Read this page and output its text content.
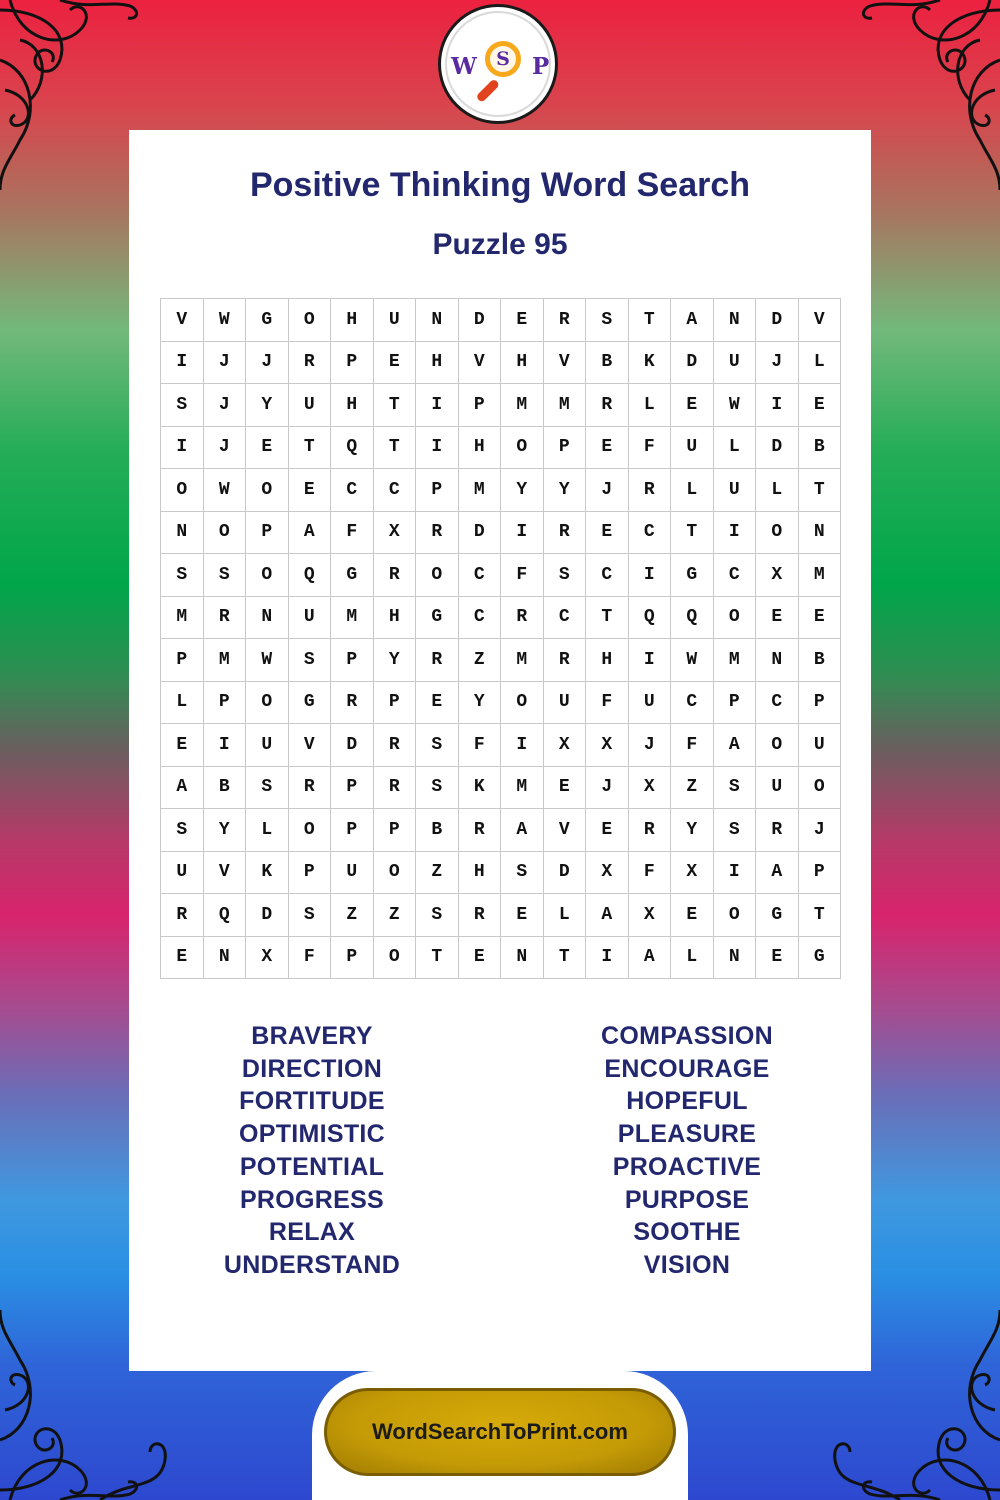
W	S P
Positive Thinking Word Search
Puzzle 95
V	W	G	O	H	U	N	D	E	R	S	T	A	N	D	V
I	J	J	R	P	E	H	V	H	V	B	K	D	U	J	L
S	J	Y	U	H	T	I	P	M	M	R	L	E	W	I	E
I	J	E	T	Q	T	I	H	O	P	E	F	U	L	D	B
O	W	O	E	C	C	P	M	Y	Y	J	R	L	U	L	T
N	O	P	A	F	X	R	D	I	R	E	C	T	I	O	N
S	S	O	Q	G	R	O	C	F	S	C	I	G	C	X	M
M	R	N	U	M	H	G	C	R	C	T	Q	Q	O	E	E
P	M	W	S	P	Y	R	Z	M	R	H	I	W	M	N	B
L	P	O	G	R	P	E	Y	O	U	F	U	C	P	C	P
E	I	U	V	D	R	S	F	I	X	X	J	F	A	O	U
A	B	S	R	P	R	S	K	M	E	J	X	Z	S	U	O
S	Y	L	O	P	P	B	R	A	V	E	R	Y	S	R	J
U	V	K	P	U	O	Z	H	S	D	X	F	X	I	A	P
R	Q	D	S	Z	Z	S	R	E	L	A	X	E	O	G	T
E	N	X	F	P	O	T	E	N	T	I	A	L	N	E	G
BRAVERY
DIRECTION
FORTITUDE
OPTIMISTIC
POTENTIAL
PROGRESS
RELAX
UNDERSTAND
COMPASSION
ENCOURAGE
HOPEFUL
PLEASURE
PROACTIVE
PURPOSE
SOOTHE
VISION
WordSearchToPrint.com
